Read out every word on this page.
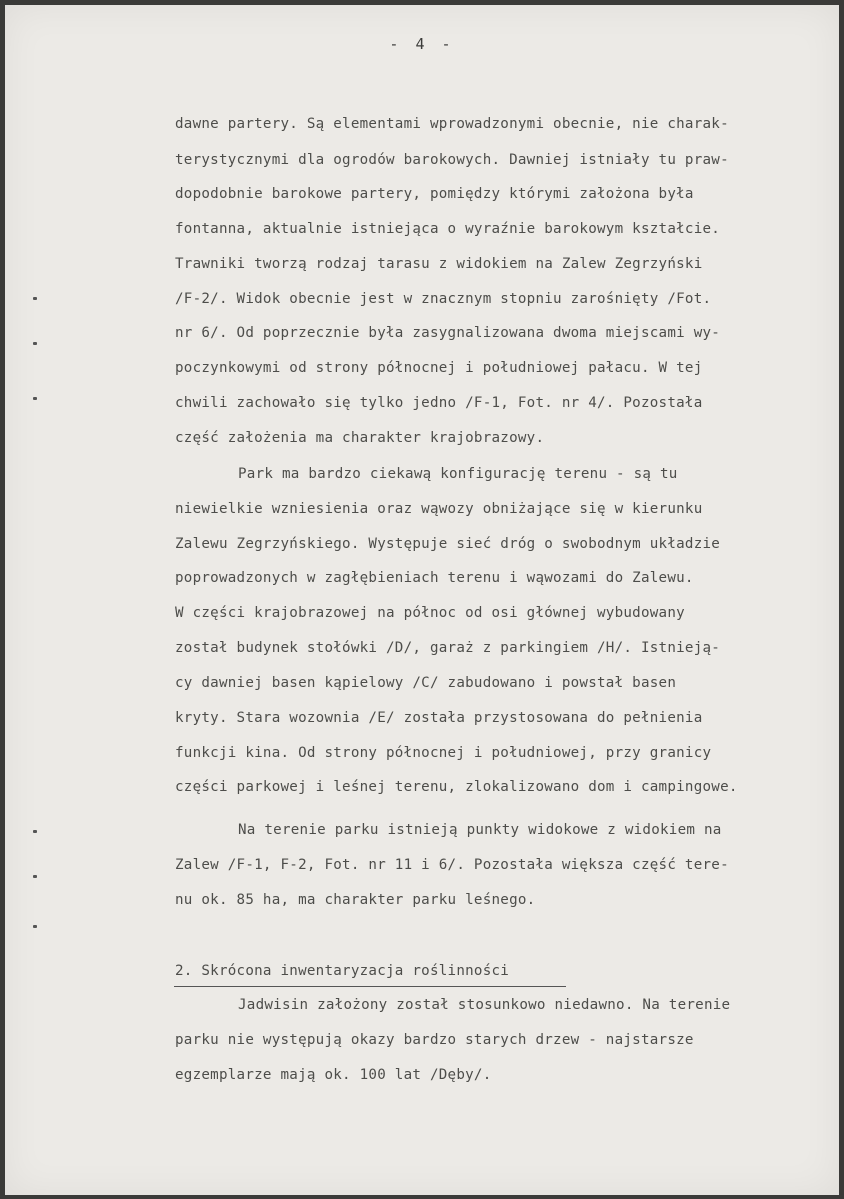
- 4 -
dawne partery. Są elementami wprowadzonymi obecnie, nie charak-
terystycznymi dla ogrodów barokowych. Dawniej istniały tu praw-
dopodobnie barokowe partery, pomiędzy którymi założona była
fontanna, aktualnie istniejąca o wyraźnie barokowym kształcie.
Trawniki tworzą rodzaj tarasu z widokiem na Zalew Zegrzyński
/F-2/. Widok obecnie jest w znacznym stopniu zarośnięty /Fot.
nr 6/. Od poprzecznie była zasygnalizowana dwoma miejscami wy-
poczynkowymi od strony północnej i południowej pałacu. W tej
chwili zachowało się tylko jedno /F-1, Fot. nr 4/. Pozostała
część założenia ma charakter krajobrazowy.
Park ma bardzo ciekawą konfigurację terenu - są tu
niewielkie wzniesienia oraz wąwozy obniżające się w kierunku
Zalewu Zegrzyńskiego. Występuje sieć dróg o swobodnym układzie
poprowadzonych w zagłębieniach terenu i wąwozami do Zalewu.
W części krajobrazowej na północ od osi głównej wybudowany
został budynek stołówki /D/, garaż z parkingiem /H/. Istnieją-
cy dawniej basen kąpielowy /C/ zabudowano i powstał basen
kryty. Stara wozownia /E/ została przystosowana do pełnienia
funkcji kina. Od strony północnej i południowej, przy granicy
części parkowej i leśnej terenu, zlokalizowano dom i campingowe.
Na terenie parku istnieją punkty widokowe z widokiem na
Zalew /F-1, F-2, Fot. nr 11 i 6/. Pozostała większa część tere-
nu ok. 85 ha, ma charakter parku leśnego.
2. Skrócona inwentaryzacja roślinności
Jadwisin założony został stosunkowo niedawno. Na terenie
parku nie występują okazy bardzo starych drzew - najstarsze
egzemplarze mają ok. 100 lat /Dęby/.
